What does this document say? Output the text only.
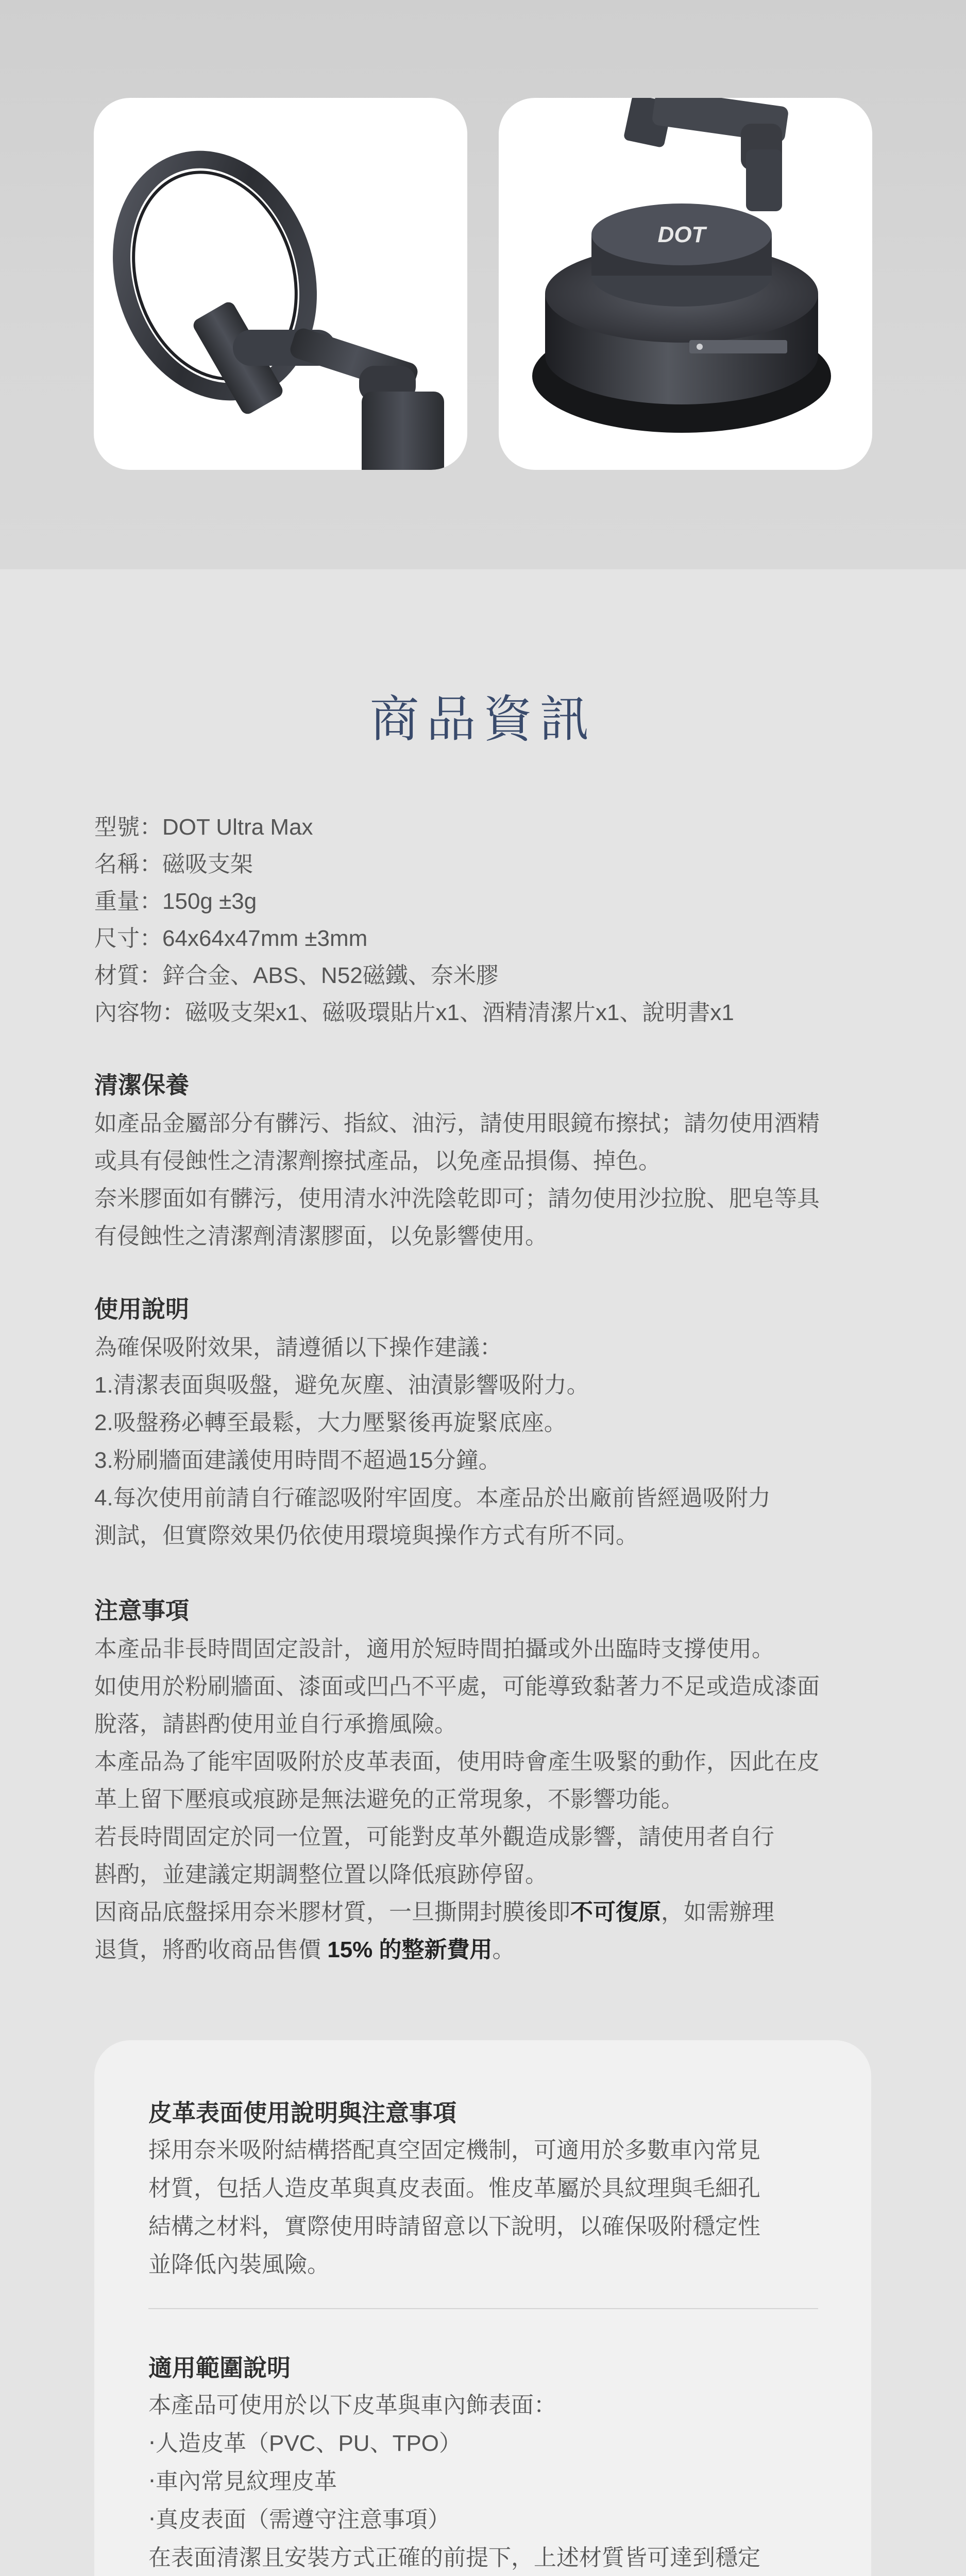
DOT
商品資訊
型號：DOT Ultra Max
名稱：磁吸支架
重量：150g ±3g
尺寸：64x64x47mm ±3mm
材質：鋅合金、ABS、N52磁鐵、奈米膠
內容物：磁吸支架x1、磁吸環貼片x1、酒精清潔片x1、說明書x1
清潔保養
如產品金屬部分有髒污、指紋、油污，請使用眼鏡布擦拭；請勿使用酒精
或具有侵蝕性之清潔劑擦拭產品，以免產品損傷、掉色。
奈米膠面如有髒污，使用清水沖洗陰乾即可；請勿使用沙拉脫、肥皂等具
有侵蝕性之清潔劑清潔膠面，以免影響使用。
使用說明
為確保吸附效果，請遵循以下操作建議：
1.清潔表面與吸盤，避免灰塵、油漬影響吸附力。
2.吸盤務必轉至最鬆，大力壓緊後再旋緊底座。
3.粉刷牆面建議使用時間不超過15分鐘。
4.每次使用前請自行確認吸附牢固度。本產品於出廠前皆經過吸附力
測試，但實際效果仍依使用環境與操作方式有所不同。
注意事項
本產品非長時間固定設計，適用於短時間拍攝或外出臨時支撐使用。
如使用於粉刷牆面、漆面或凹凸不平處，可能導致黏著力不足或造成漆面
脫落，請斟酌使用並自行承擔風險。
本產品為了能牢固吸附於皮革表面，使用時會產生吸緊的動作，因此在皮
革上留下壓痕或痕跡是無法避免的正常現象，不影響功能。
若長時間固定於同一位置，可能對皮革外觀造成影響，請使用者自行
斟酌，並建議定期調整位置以降低痕跡停留。
因商品底盤採用奈米膠材質，一旦撕開封膜後即不可復原，如需辦理
退貨，將酌收商品售價 15% 的整新費用。
皮革表面使用說明與注意事項
採用奈米吸附結構搭配真空固定機制，可適用於多數車內常見
材質，包括人造皮革與真皮表面。惟皮革屬於具紋理與毛細孔
結構之材料，實際使用時請留意以下說明，以確保吸附穩定性
並降低內裝風險。
適用範圍說明
本產品可使用於以下皮革與車內飾表面：
‧人造皮革（PVC、PU、TPO）
‧車內常見紋理皮革
‧真皮表面（需遵守注意事項）
在表面清潔且安裝方式正確的前提下，上述材質皆可達到穩定
